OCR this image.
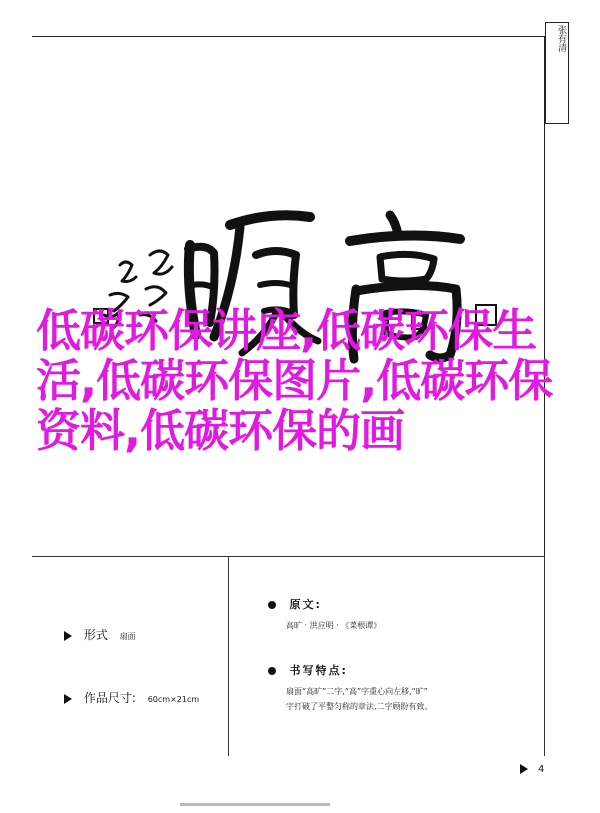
张有清
低碳环保讲座,低碳环保生活,低碳环保图片,低碳环保资料,低碳环保的画
形式 扇面
作品尺寸: 60cm×21cm
原文:
高旷 · 洪应明 · 《菜根谭》
书写特点:
扇面“高旷”二字,“高”字重心向左移,“旷”
字打破了平整匀称的章法,二字顾盼有致。
4
